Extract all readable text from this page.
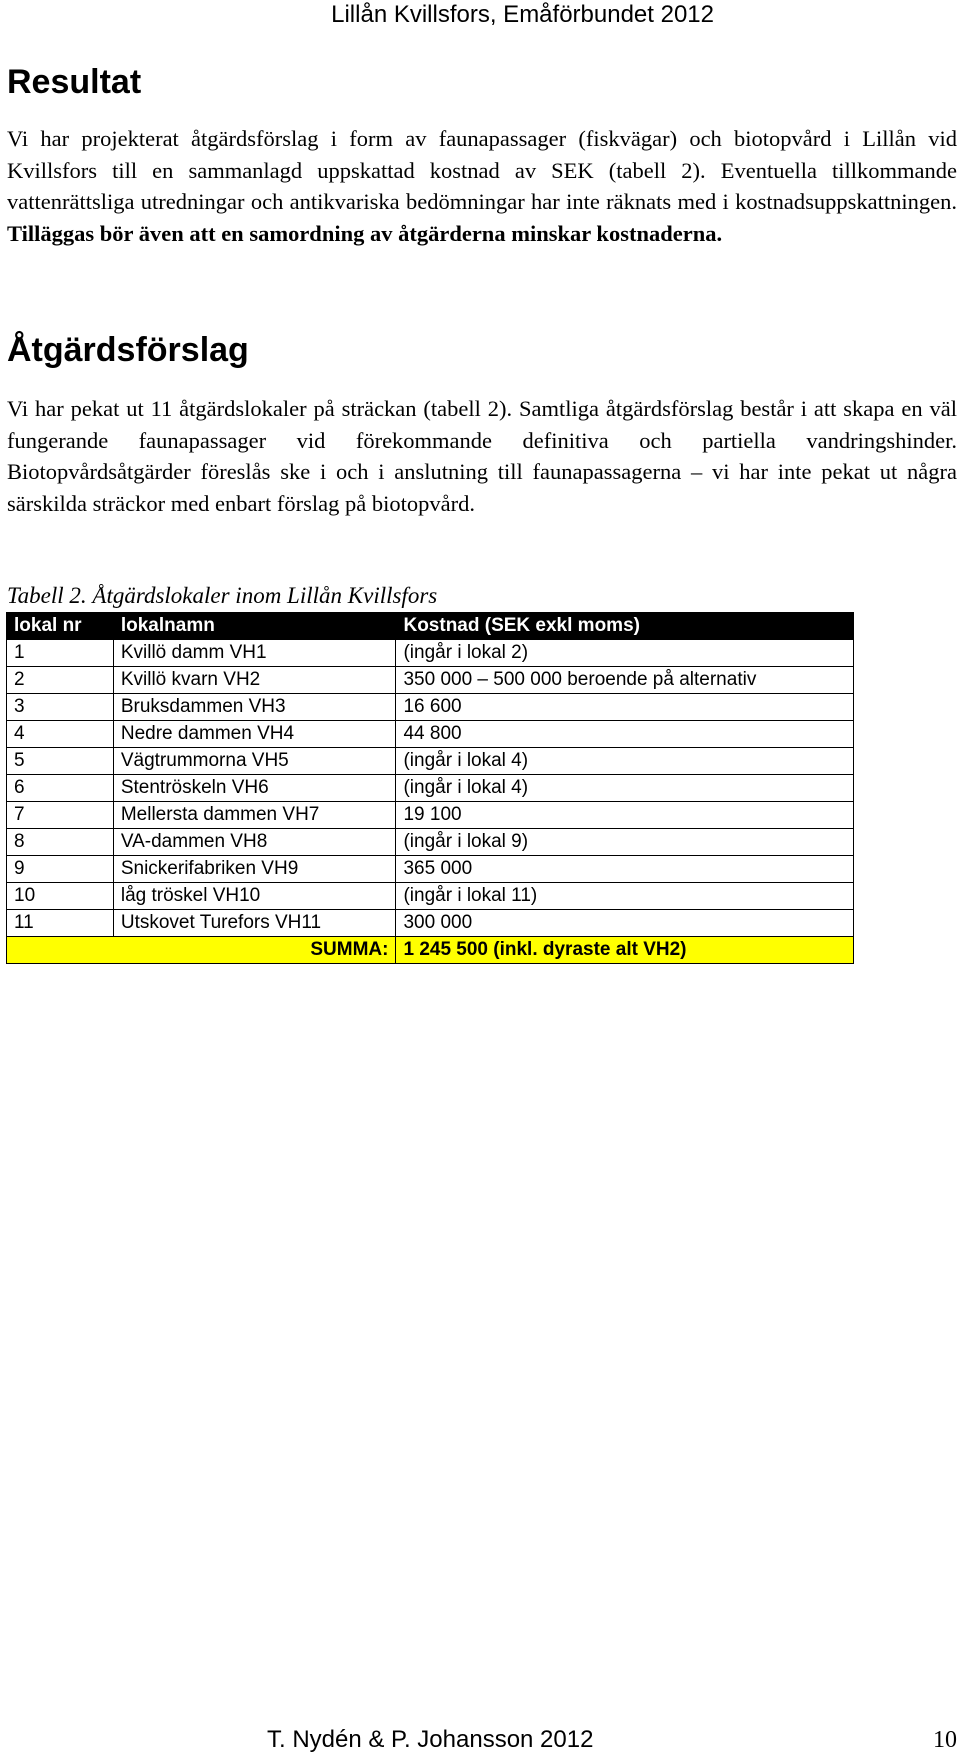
Lillån Kvillsfors, Emåförbundet 2012
Resultat

Vi har projekterat åtgärdsförslag i form av faunapassager (fiskvägar) och biotopvård i Lillån vid Kvillsfors till en sammanlagd uppskattad kostnad av SEK (tabell 2). Eventuella tillkommande vattenrättsliga utredningar och antikvariska bedömningar har inte räknats med i kostnadsuppskattningen. Tilläggas bör även att en samordning av åtgärderna minskar kostnaderna.

Åtgärdsförslag

Vi har pekat ut 11 åtgärdslokaler på sträckan (tabell 2). Samtliga åtgärdsförslag består i att skapa en väl fungerande faunapassager vid förekommande definitiva och partiella vandringshinder. Biotopvårdsåtgärder föreslås ske i och i anslutning till faunapassagerna – vi har inte pekat ut några särskilda sträckor med enbart förslag på biotopvård.

Tabell 2. Åtgärdslokaler inom Lillån Kvillsfors

lokal nr	lokalnamn	Kostnad (SEK exkl moms)
1	Kvillö damm VH1	(ingår i lokal 2)
2	Kvillö kvarn VH2	350 000 – 500 000 beroende på alternativ
3	Bruksdammen VH3	16 600
4	Nedre dammen VH4	44 800
5	Vägtrummorna VH5	(ingår i lokal 4)
6	Stentröskeln VH6	(ingår i lokal 4)
7	Mellersta dammen VH7	19 100
8	VA-dammen VH8	(ingår i lokal 9)
9	Snickerifabriken VH9	365 000
10	låg tröskel VH10	(ingår i lokal 11)
11	Utskovet Turefors VH11	300 000
SUMMA:		1 245 500 (inkl. dyraste alt VH2)
T. Nydén & P. Johansson 2012	10
